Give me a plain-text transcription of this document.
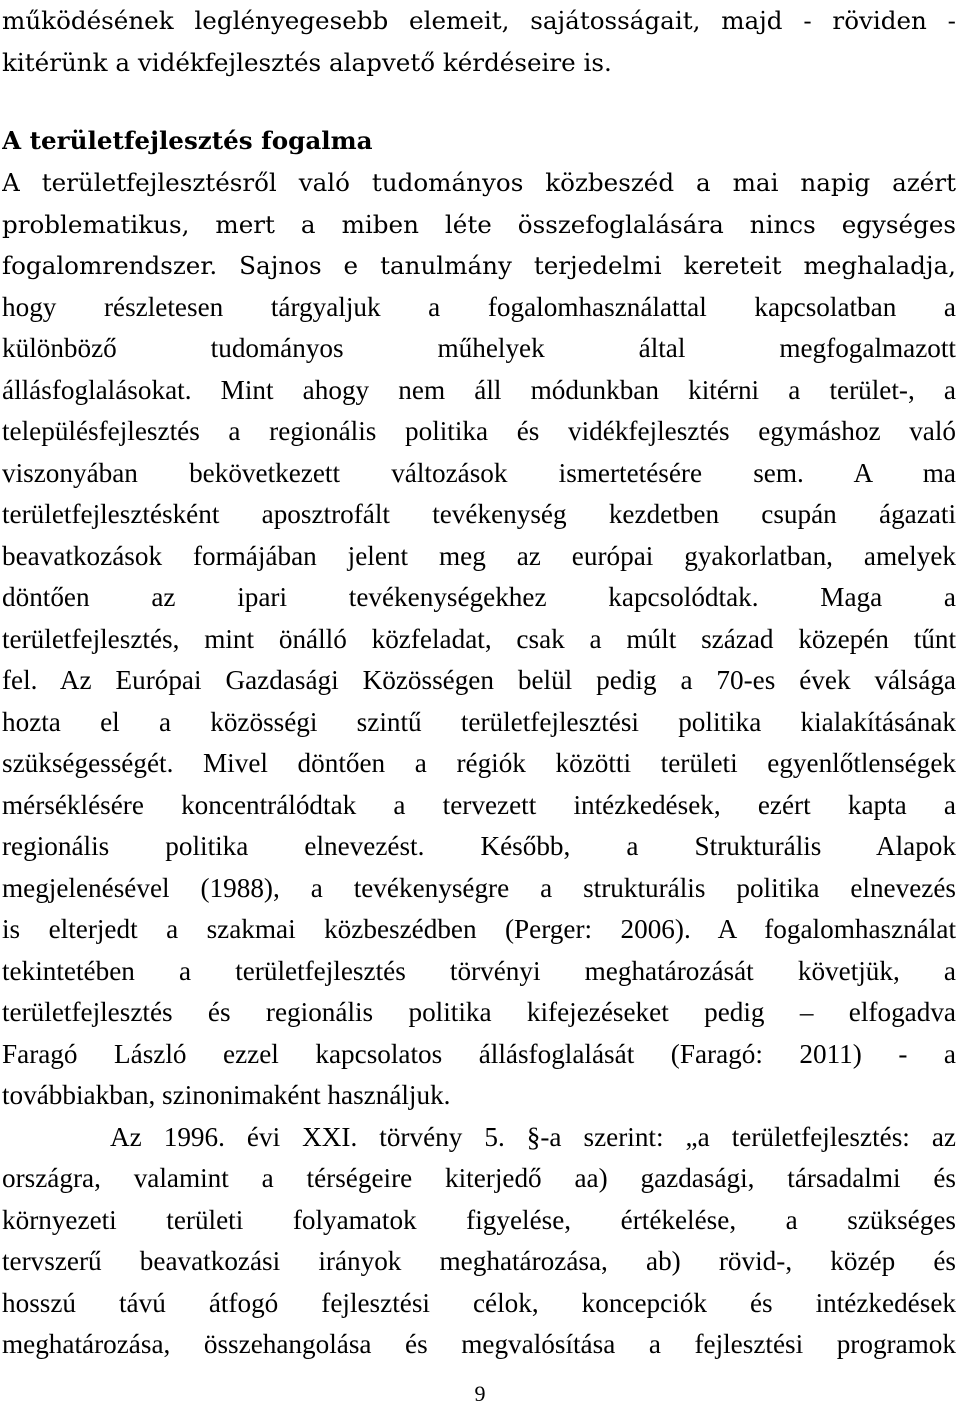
működésének leglényegesebb elemeit, sajátosságait, majd - röviden -
kitérünk a vidékfejlesztés alapvető kérdéseire is.
A területfejlesztés fogalma
A területfejlesztésről való tudományos közbeszéd a mai napig azért
problematikus, mert a miben léte összefoglalására nincs egységes
fogalomrendszer. Sajnos e tanulmány terjedelmi kereteit meghaladja,
hogy részletesen tárgyaljuk a fogalomhasználattal kapcsolatban a
különböző tudományos műhelyek által megfogalmazott
állásfoglalásokat. Mint ahogy nem áll módunkban kitérni a terület-, a
településfejlesztés a regionális politika és vidékfejlesztés egymáshoz való
viszonyában bekövetkezett változások ismertetésére sem. A ma
területfejlesztésként aposztrofált tevékenység kezdetben csupán ágazati
beavatkozások formájában jelent meg az európai gyakorlatban, amelyek
döntően az ipari tevékenységekhez kapcsolódtak. Maga a
területfejlesztés, mint önálló közfeladat, csak a múlt század közepén tűnt
fel. Az Európai Gazdasági Közösségen belül pedig a 70-es évek válsága
hozta el a közösségi szintű területfejlesztési politika kialakításának
szükségességét. Mivel döntően a régiók közötti területi egyenlőtlenségek
mérséklésére koncentrálódtak a tervezett intézkedések, ezért kapta a
regionális politika elnevezést. Később, a Strukturális Alapok
megjelenésével (1988), a tevékenységre a strukturális politika elnevezés
is elterjedt a szakmai közbeszédben (Perger: 2006). A fogalomhasználat
tekintetében a területfejlesztés törvényi meghatározását követjük, a
területfejlesztés és regionális politika kifejezéseket pedig – elfogadva
Faragó László ezzel kapcsolatos állásfoglalását (Faragó: 2011) - a
továbbiakban, szinonimaként használjuk.
Az 1996. évi XXI. törvény 5. §-a szerint: „a területfejlesztés: az
országra, valamint a térségeire kiterjedő aa) gazdasági, társadalmi és
környezeti területi folyamatok figyelése, értékelése, a szükséges
tervszerű beavatkozási irányok meghatározása, ab) rövid-, közép és
hosszú távú átfogó fejlesztési célok, koncepciók és intézkedések
meghatározása, összehangolása és megvalósítása a fejlesztési programok
9
